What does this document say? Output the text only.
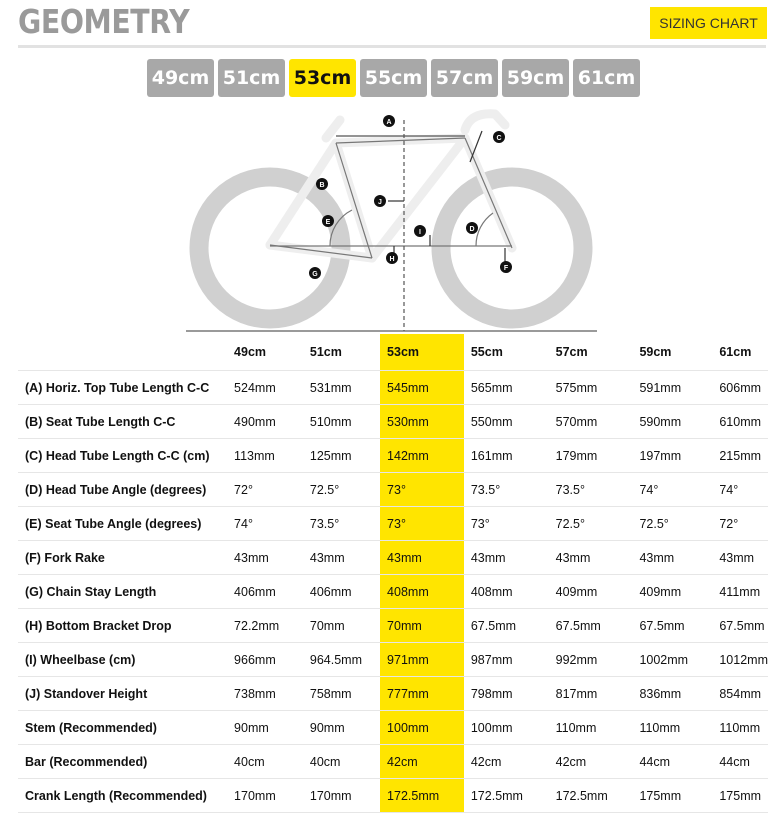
GEOMETRY	SIZING CHART
49cm 51cm 53cm 55cm 57cm 59cm 61cm
A
B
C
D
E
F
G
H
I
J
	49cm	51cm	53cm	55cm	57cm	59cm	61cm
(A) Horiz. Top Tube Length C-C	524mm	531mm	545mm	565mm	575mm	591mm	606mm
(B) Seat Tube Length C-C	490mm	510mm	530mm	550mm	570mm	590mm	610mm
(C) Head Tube Length C-C (cm)	113mm	125mm	142mm	161mm	179mm	197mm	215mm
(D) Head Tube Angle (degrees)	72°	72.5°	73°	73.5°	73.5°	74°	74°
(E) Seat Tube Angle (degrees)	74°	73.5°	73°	73°	72.5°	72.5°	72°
(F) Fork Rake	43mm	43mm	43mm	43mm	43mm	43mm	43mm
(G) Chain Stay Length	406mm	406mm	408mm	408mm	409mm	409mm	411mm
(H) Bottom Bracket Drop	72.2mm	70mm	70mm	67.5mm	67.5mm	67.5mm	67.5mm
(I) Wheelbase (cm)	966mm	964.5mm	971mm	987mm	992mm	1002mm	1012mm
(J) Standover Height	738mm	758mm	777mm	798mm	817mm	836mm	854mm
Stem (Recommended)	90mm	90mm	100mm	100mm	110mm	110mm	110mm
Bar (Recommended)	40cm	40cm	42cm	42cm	42cm	44cm	44cm
Crank Length (Recommended)	170mm	170mm	172.5mm	172.5mm	172.5mm	175mm	175mm
